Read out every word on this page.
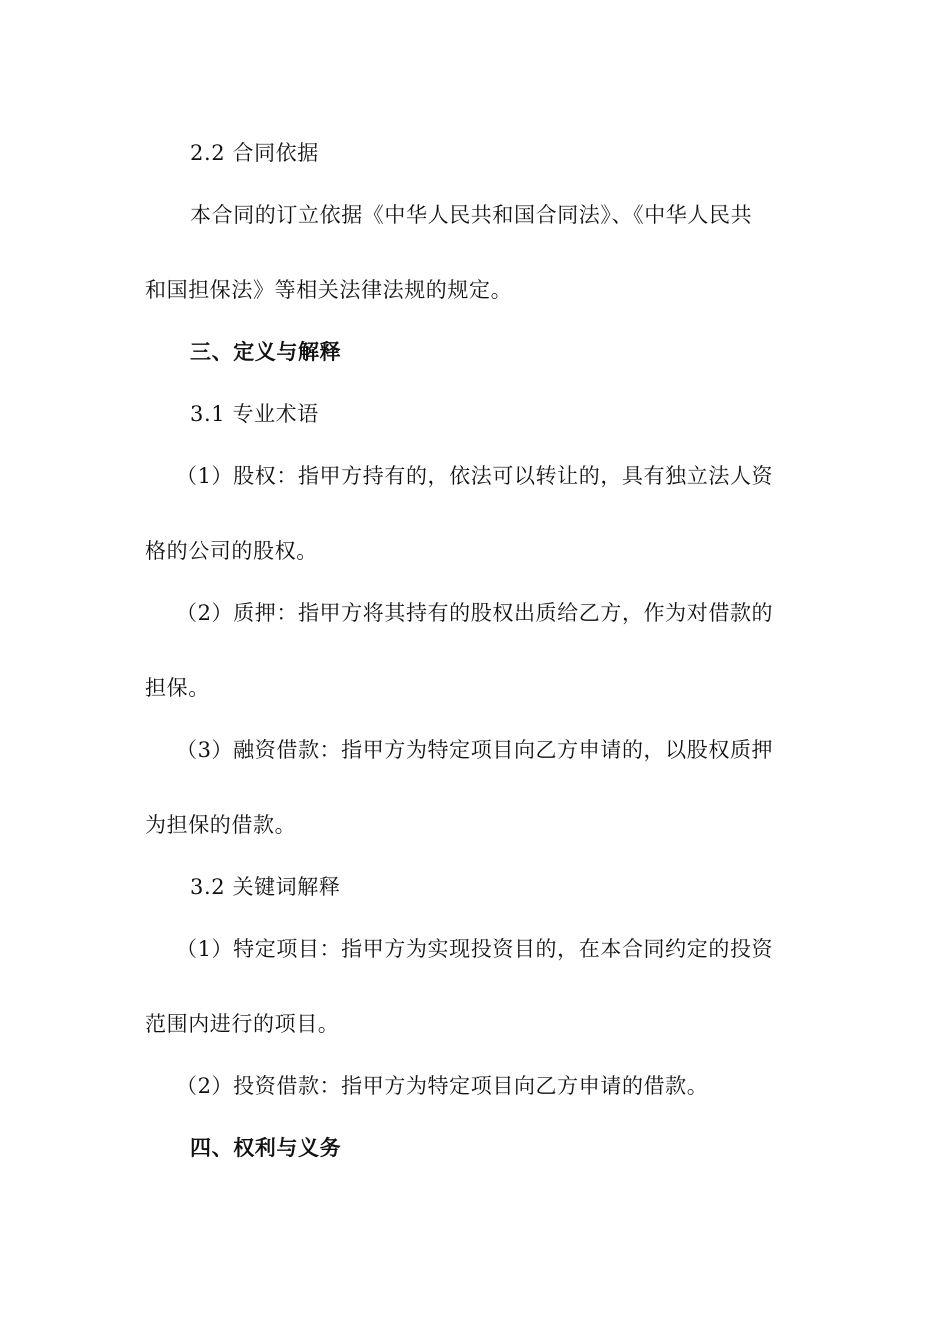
2.2 合同依据
本合同的订立依据《中华人民共和国合同法》、《中华人民共
和国担保法》等相关法律法规的规定。
三、定义与解释
3.1 专业术语
（1）股权：指甲方持有的，依法可以转让的，具有独立法人资
格的公司的股权。
（2）质押：指甲方将其持有的股权出质给乙方，作为对借款的
担保。
（3）融资借款：指甲方为特定项目向乙方申请的，以股权质押
为担保的借款。
3.2 关键词解释
（1）特定项目：指甲方为实现投资目的，在本合同约定的投资
范围内进行的项目。
（2）投资借款：指甲方为特定项目向乙方申请的借款。
四、权利与义务
